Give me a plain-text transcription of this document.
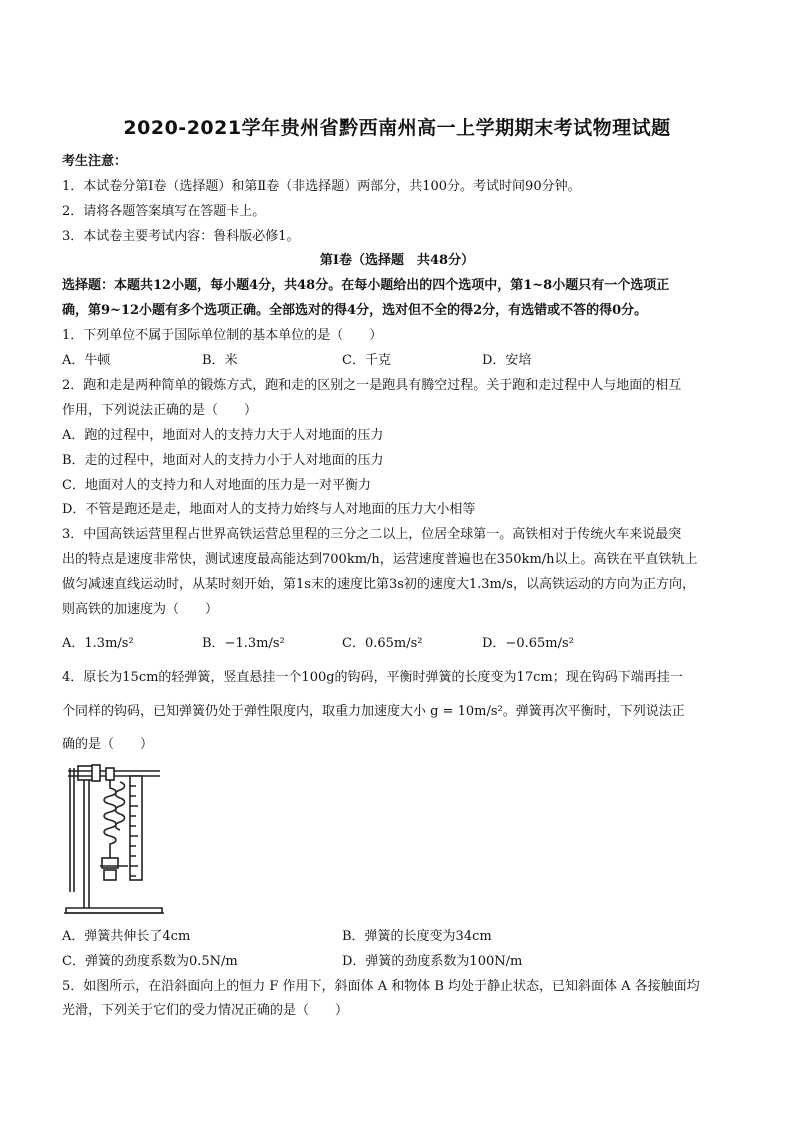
2020-2021学年贵州省黔西南州高一上学期期末考试物理试题
考生注意：
1．本试卷分第Ⅰ卷（选择题）和第Ⅱ卷（非选择题）两部分，共100分。考试时间90分钟。
2．请将各题答案填写在答题卡上。
3．本试卷主要考试内容：鲁科版必修1。
第Ⅰ卷（选择题　共48分）
选择题：本题共12小题，每小题4分，共48分。在每小题给出的四个选项中，第1~8小题只有一个选项正
确，第9~12小题有多个选项正确。全部选对的得4分，选对但不全的得2分，有选错或不答的得0分。
1．下列单位不属于国际单位制的基本单位的是（　　）
A．牛顿	B．米	C．千克	D．安培
2．跑和走是两种简单的锻炼方式，跑和走的区别之一是跑具有腾空过程。关于跑和走过程中人与地面的相互
作用，下列说法正确的是（　　）
A．跑的过程中，地面对人的支持力大于人对地面的压力
B．走的过程中，地面对人的支持力小于人对地面的压力
C．地面对人的支持力和人对地面的压力是一对平衡力
D．不管是跑还是走，地面对人的支持力始终与人对地面的压力大小相等
3．中国高铁运营里程占世界高铁运营总里程的三分之二以上，位居全球第一。高铁相对于传统火车来说最突
出的特点是速度非常快，测试速度最高能达到700km/h，运营速度普遍也在350km/h以上。高铁在平直铁轨上
做匀减速直线运动时，从某时刻开始，第1s末的速度比第3s初的速度大1.3m/s，以高铁运动的方向为正方向，
则高铁的加速度为（　　）
A．1.3m/s²	B．−1.3m/s²	C．0.65m/s²	D．−0.65m/s²
4．原长为15cm的轻弹簧，竖直悬挂一个100g的钩码，平衡时弹簧的长度变为17cm；现在钩码下端再挂一
个同样的钩码，已知弹簧仍处于弹性限度内，取重力加速度大小 g = 10m/s²。弹簧再次平衡时，下列说法正
确的是（　　）
A．弹簧共伸长了4cm	B．弹簧的长度变为34cm
C．弹簧的劲度系数为0.5N/m	D．弹簧的劲度系数为100N/m
5．如图所示，在沿斜面向上的恒力 F 作用下，斜面体 A 和物体 B 均处于静止状态，已知斜面体 A 各接触面均
光滑，下列关于它们的受力情况正确的是（　　）
